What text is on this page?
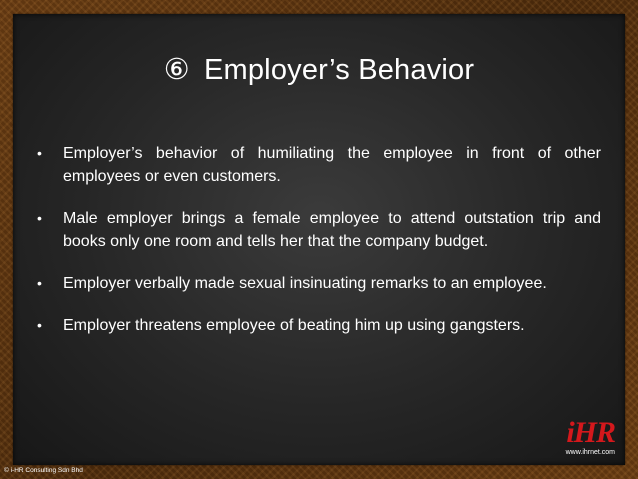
⑥ Employer’s Behavior
•	Employer’s behavior of humiliating the employee in front of other employees or even customers.
•	Male employer brings a female employee to attend outstation trip and books only one room and tells her that the company budget.
•	Employer verbally made sexual insinuating remarks to an employee.
•	Employer threatens employee of beating him up using gangsters.
iHR
www.ihrnet.com
© i-HR Consulting Sdn Bhd
